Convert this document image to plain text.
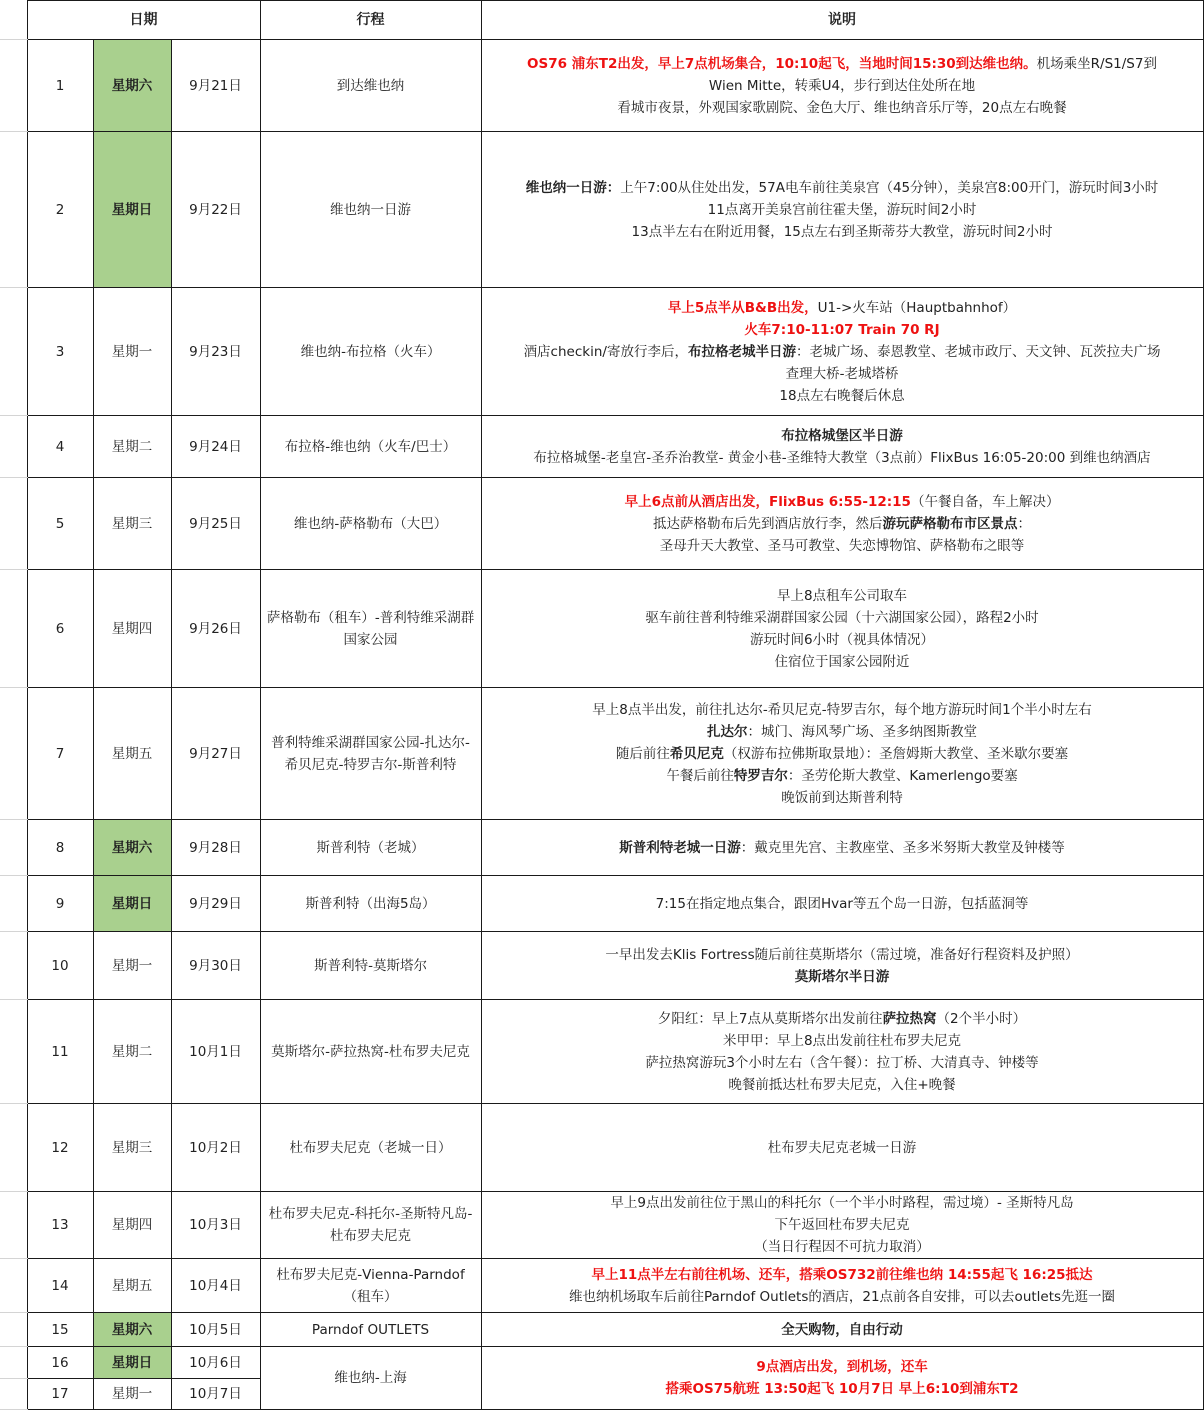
	日期			行程	说明
	1	星期六	9月21日	到达维也纳	OS76 浦东T2出发，早上7点机场集合，10:10起飞，当地时间15:30到达维也纳。机场乘坐R/S1/S7到
Wien Mitte，转乘U4，步行到达住处所在地
看城市夜景，外观国家歌剧院、金色大厅、维也纳音乐厅等，20点左右晚餐

	2	星期日	9月22日	维也纳一日游	维也纳一日游：上午7:00从住处出发，57A电车前往美泉宫（45分钟），美泉宫8:00开门，游玩时间3小时
11点离开美泉宫前往霍夫堡，游玩时间2小时
13点半左右在附近用餐，15点左右到圣斯蒂芬大教堂，游玩时间2小时

	3	星期一	9月23日	维也纳-布拉格（火车）	早上5点半从B&B出发，U1->火车站（Hauptbahnhof）
火车7:10-11:07 Train 70 RJ
酒店checkin/寄放行李后，布拉格老城半日游：老城广场、泰恩教堂、老城市政厅、天文钟、瓦茨拉夫广场
查理大桥-老城塔桥
18点左右晚餐后休息

	4	星期二	9月24日	布拉格-维也纳（火车/巴士）	布拉格城堡区半日游
布拉格城堡-老皇宫-圣乔治教堂- 黄金小巷-圣维特大教堂（3点前）FlixBus 16:05-20:00 到维也纳酒店

	5	星期三	9月25日	维也纳-萨格勒布（大巴）	早上6点前从酒店出发，FlixBus 6:55-12:15（午餐自备，车上解决）
抵达萨格勒布后先到酒店放行李，然后游玩萨格勒布市区景点：
圣母升天大教堂、圣马可教堂、失恋博物馆、萨格勒布之眼等

	6	星期四	9月26日	萨格勒布（租车）-普利特维采湖群国家公园	早上8点租车公司取车
驱车前往普利特维采湖群国家公园（十六湖国家公园），路程2小时
游玩时间6小时（视具体情况）
住宿位于国家公园附近

	7	星期五	9月27日	普利特维采湖群国家公园-扎达尔-希贝尼克-特罗吉尔-斯普利特	早上8点半出发，前往扎达尔-希贝尼克-特罗吉尔，每个地方游玩时间1个半小时左右
扎达尔：城门、海风琴广场、圣多纳图斯教堂
随后前往希贝尼克（权游布拉佛斯取景地）：圣詹姆斯大教堂、圣米歇尔要塞
午餐后前往特罗吉尔：圣劳伦斯大教堂、Kamerlengo要塞
晚饭前到达斯普利特

	8	星期六	9月28日	斯普利特（老城）	斯普利特老城一日游：戴克里先宫、主教座堂、圣多米努斯大教堂及钟楼等

	9	星期日	9月29日	斯普利特（出海5岛）	7:15在指定地点集合，跟团Hvar等五个岛一日游，包括蓝洞等

	10	星期一	9月30日	斯普利特-莫斯塔尔	一早出发去Klis Fortress随后前往莫斯塔尔（需过境，准备好行程资料及护照）
莫斯塔尔半日游

	11	星期二	10月1日	莫斯塔尔-萨拉热窝-杜布罗夫尼克	夕阳红：早上7点从莫斯塔尔出发前往萨拉热窝（2个半小时）
米甲甲：早上8点出发前往杜布罗夫尼克
萨拉热窝游玩3个小时左右（含午餐）：拉丁桥、大清真寺、钟楼等
晚餐前抵达杜布罗夫尼克，入住+晚餐

	12	星期三	10月2日	杜布罗夫尼克（老城一日）	杜布罗夫尼克老城一日游

	13	星期四	10月3日	杜布罗夫尼克-科托尔-圣斯特凡岛-杜布罗夫尼克	早上9点出发前往位于黑山的科托尔（一个半小时路程，需过境）- 圣斯特凡岛
下午返回杜布罗夫尼克
（当日行程因不可抗力取消）

	14	星期五	10月4日	杜布罗夫尼克-Vienna-Parndof（租车）	早上11点半左右前往机场、还车，搭乘OS732前往维也纳 14:55起飞 16:25抵达
维也纳机场取车后前往Parndof Outlets的酒店，21点前各自安排，可以去outlets先逛一圈

	15	星期六	10月5日	Parndof OUTLETS	全天购物，自由行动

	16	星期日	10月6日	维也纳-上海	9点酒店出发，到机场，还车
搭乘OS75航班 13:50起飞 10月7日 早上6:10到浦东T2

	17	星期一	10月7日		
